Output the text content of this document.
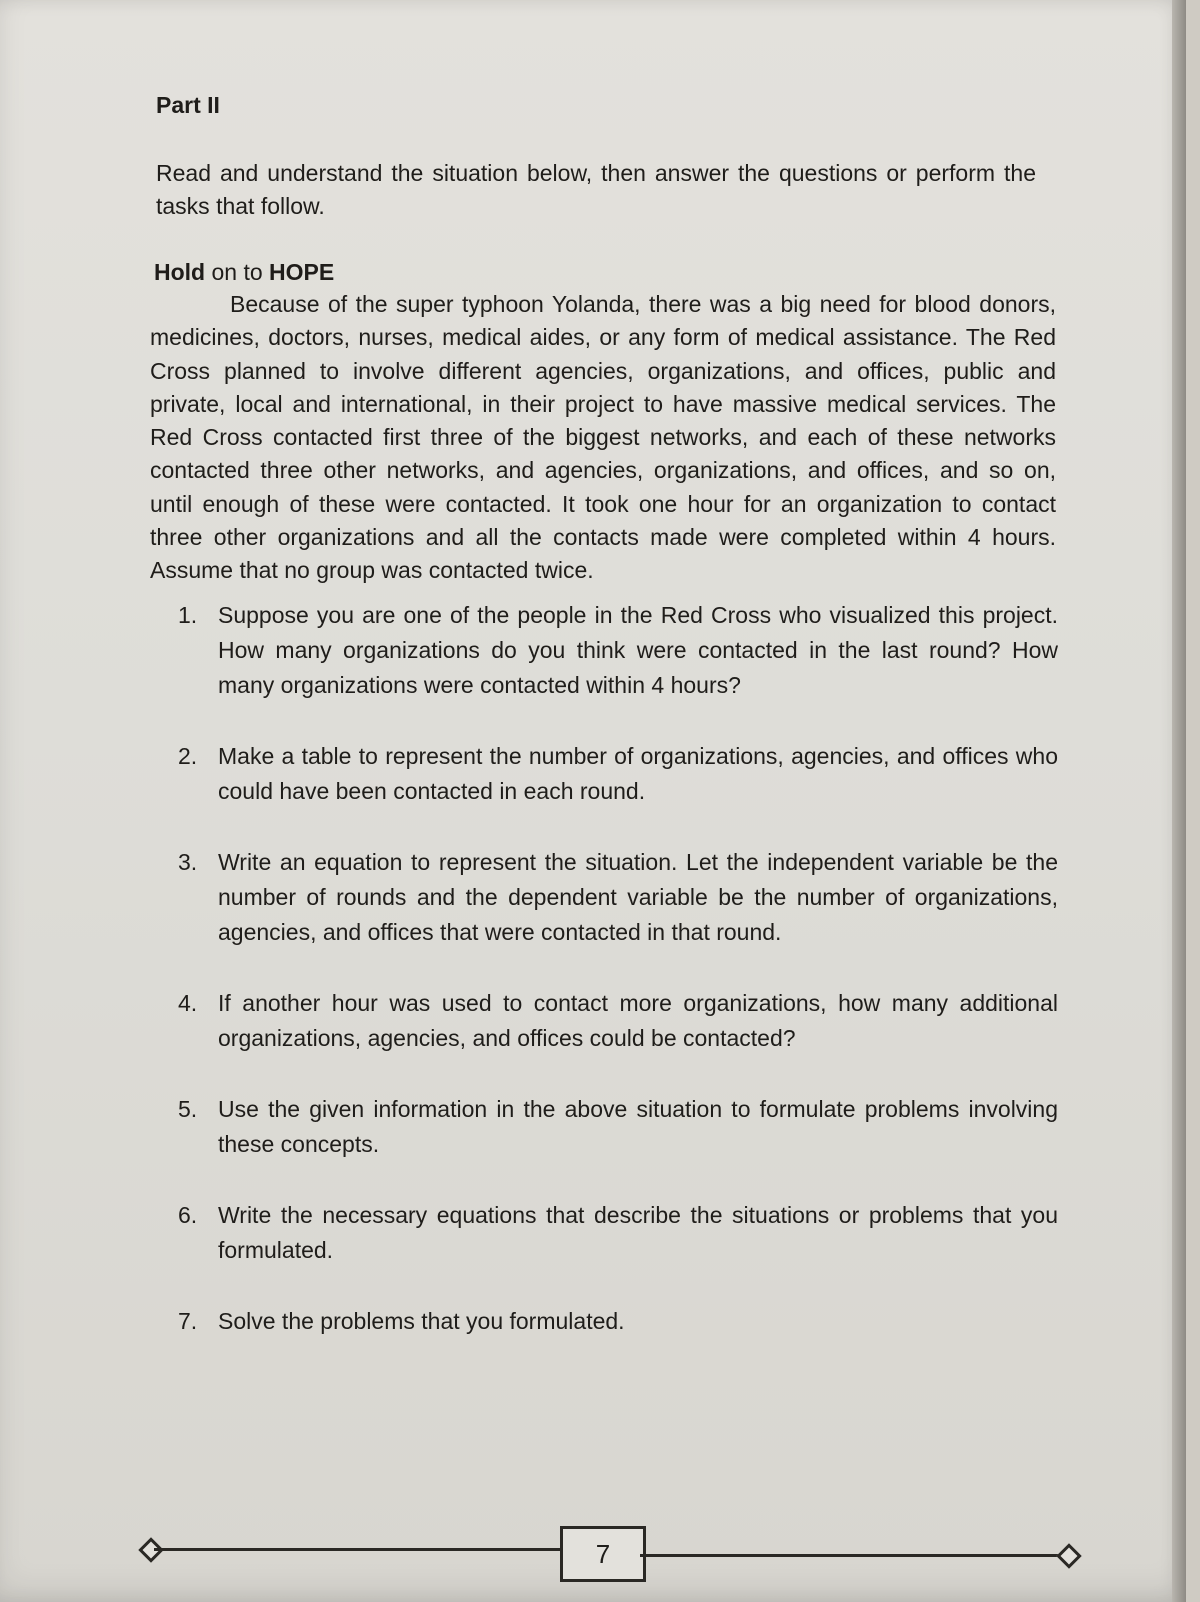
Part II

Read and understand the situation below, then answer the questions or perform the tasks that follow.

Hold on to HOPE

Because of the super typhoon Yolanda, there was a big need for blood donors, medicines, doctors, nurses, medical aides, or any form of medical assistance. The Red Cross planned to involve different agencies, organizations, and offices, public and private, local and international, in their project to have massive medical services. The Red Cross contacted first three of the biggest networks, and each of these networks contacted three other networks, and agencies, organizations, and offices, and so on, until enough of these were contacted. It took one hour for an organization to contact three other organizations and all the contacts made were completed within 4 hours. Assume that no group was contacted twice.

1. Suppose you are one of the people in the Red Cross who visualized this project. How many organizations do you think were contacted in the last round? How many organizations were contacted within 4 hours?
2. Make a table to represent the number of organizations, agencies, and offices who could have been contacted in each round.
3. Write an equation to represent the situation. Let the independent variable be the number of rounds and the dependent variable be the number of organizations, agencies, and offices that were contacted in that round.
4. If another hour was used to contact more organizations, how many additional organizations, agencies, and offices could be contacted?
5. Use the given information in the above situation to formulate problems involving these concepts.
6. Write the necessary equations that describe the situations or problems that you formulated.
7. Solve the problems that you formulated.
7
